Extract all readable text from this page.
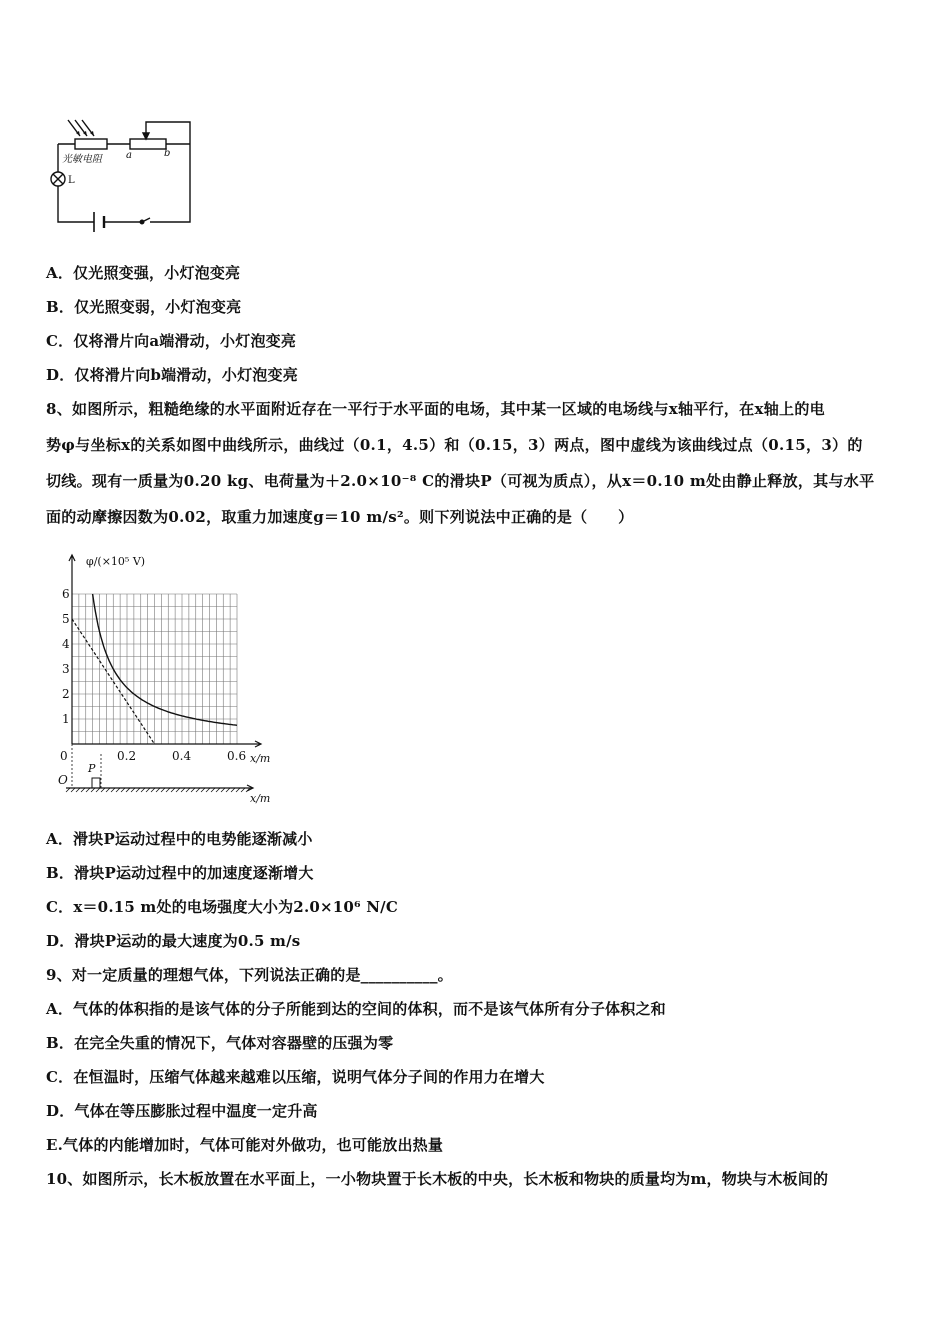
光敏电阻
L
a	b
A．仅光照变强，小灯泡变亮
B．仅光照变弱，小灯泡变亮
C．仅将滑片向a端滑动，小灯泡变亮
D．仅将滑片向b端滑动，小灯泡变亮
8、如图所示，粗糙绝缘的水平面附近存在一平行于水平面的电场，其中某一区域的电场线与x轴平行，在x轴上的电
势φ与坐标x的关系如图中曲线所示，曲线过（0.1，4.5）和（0.15，3）两点，图中虚线为该曲线过点（0.15，3）的
切线。现有一质量为0.20 kg、电荷量为＋2.0×10⁻⁸ C的滑块P（可视为质点），从x＝0.10 m处由静止释放，其与水平
面的动摩擦因数为0.02，取重力加速度g＝10 m/s²。则下列说法中正确的是（　　）
1
2
3
4
5
6
0	0.2	0.4	0.6
φ/(×10⁵ V)
x/m
O
P
x/m
A．滑块P运动过程中的电势能逐渐减小
B．滑块P运动过程中的加速度逐渐增大
C．x＝0.15 m处的电场强度大小为2.0×10⁶ N/C
D．滑块P运动的最大速度为0.5 m/s
9、对一定质量的理想气体，下列说法正确的是__________。
A．气体的体积指的是该气体的分子所能到达的空间的体积，而不是该气体所有分子体积之和
B．在完全失重的情况下，气体对容器壁的压强为零
C．在恒温时，压缩气体越来越难以压缩，说明气体分子间的作用力在增大
D．气体在等压膨胀过程中温度一定升高
E.气体的内能增加时，气体可能对外做功，也可能放出热量
10、如图所示，长木板放置在水平面上，一小物块置于长木板的中央，长木板和物块的质量均为m，物块与木板间的
